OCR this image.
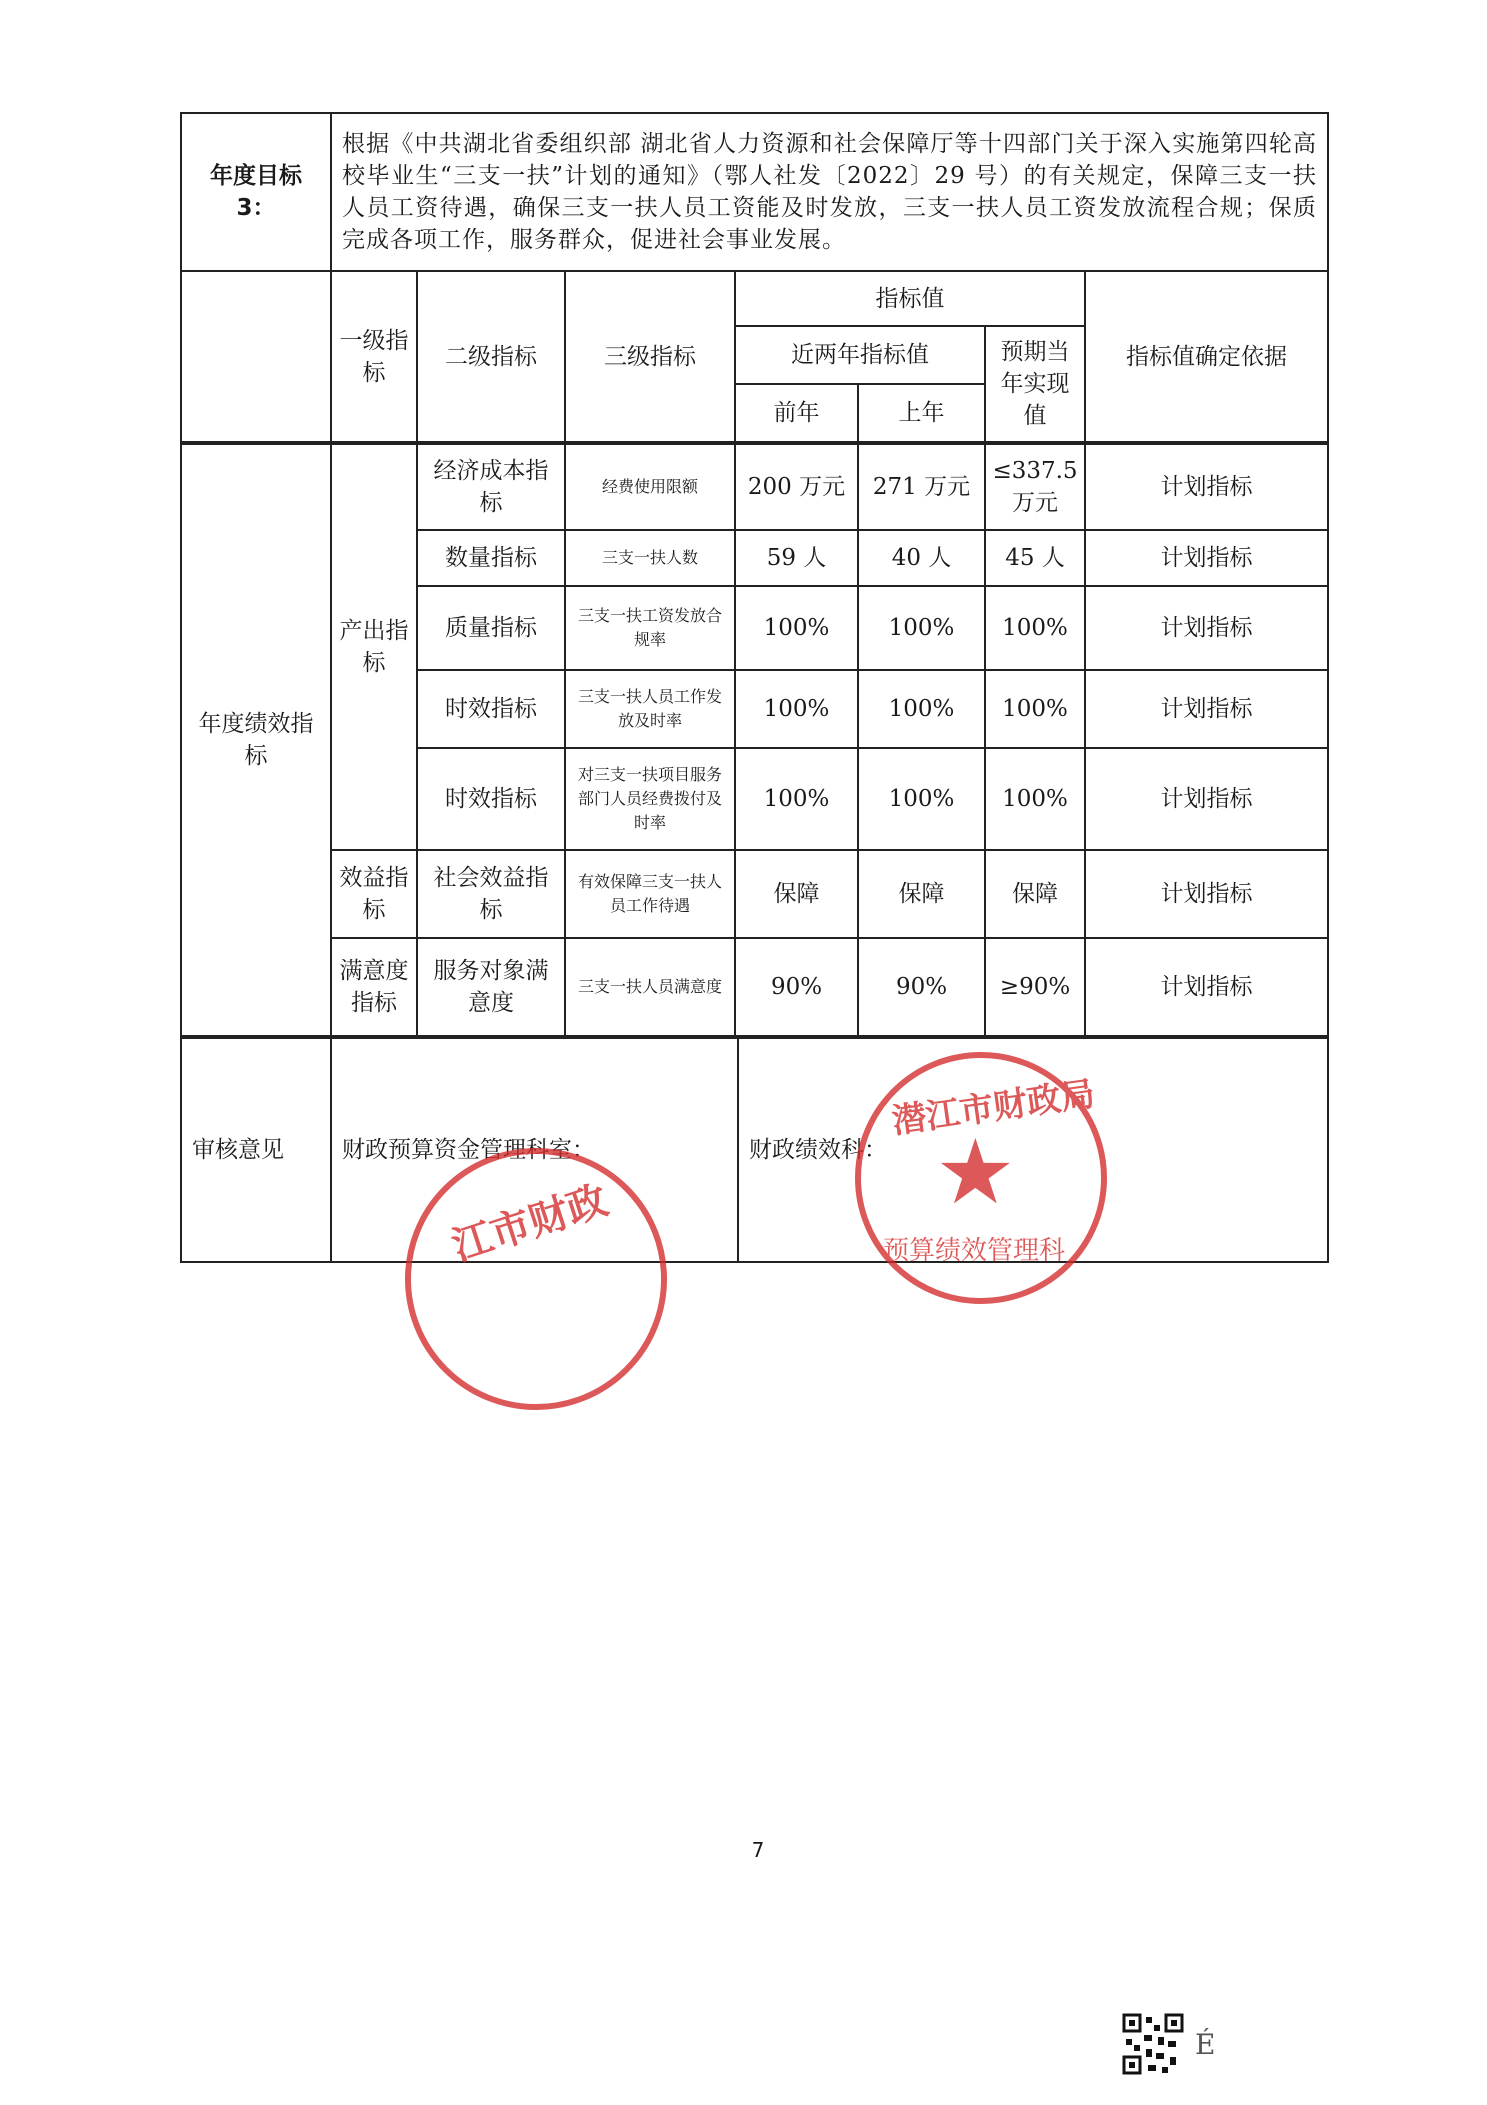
年度目标 3：	根据《中共湖北省委组织部 湖北省人力资源和社会保障厅等十四部门关于深入实施第四轮高校毕业生“三支一扶”计划的通知》（鄂人社发〔2022〕29 号）的有关规定，保障三支一扶人员工资待遇，确保三支一扶人员工资能及时发放，三支一扶人员工资发放流程合规；保质完成各项工作，服务群众，促进社会事业发展。						
	一级指标	二级指标	三级指标	指标值			指标值确定依据
				近两年指标值		预期当年实现值	
				前年	上年		
年度绩效指标	产出指标	经济成本指标	经费使用限额	200 万元	271 万元	≤337.5万元	计划指标
		数量指标	三支一扶人数	59 人	40 人	45 人	计划指标
		质量指标	三支一扶工资发放合规率	100%	100%	100%	计划指标
		时效指标	三支一扶人员工作发放及时率	100%	100%	100%	计划指标
		时效指标	对三支一扶项目服务部门人员经费拨付及时率	100%	100%	100%	计划指标
	效益指标	社会效益指标	有效保障三支一扶人员工作待遇	保障	保障	保障	计划指标
	满意度指标	服务对象满意度	三支一扶人员满意度	90%	90%	≥90%	计划指标
审核意见	财政预算资金管理科室：	财政绩效科：
江市财政
潜江市财政局
★
预算绩效管理科
7
É
